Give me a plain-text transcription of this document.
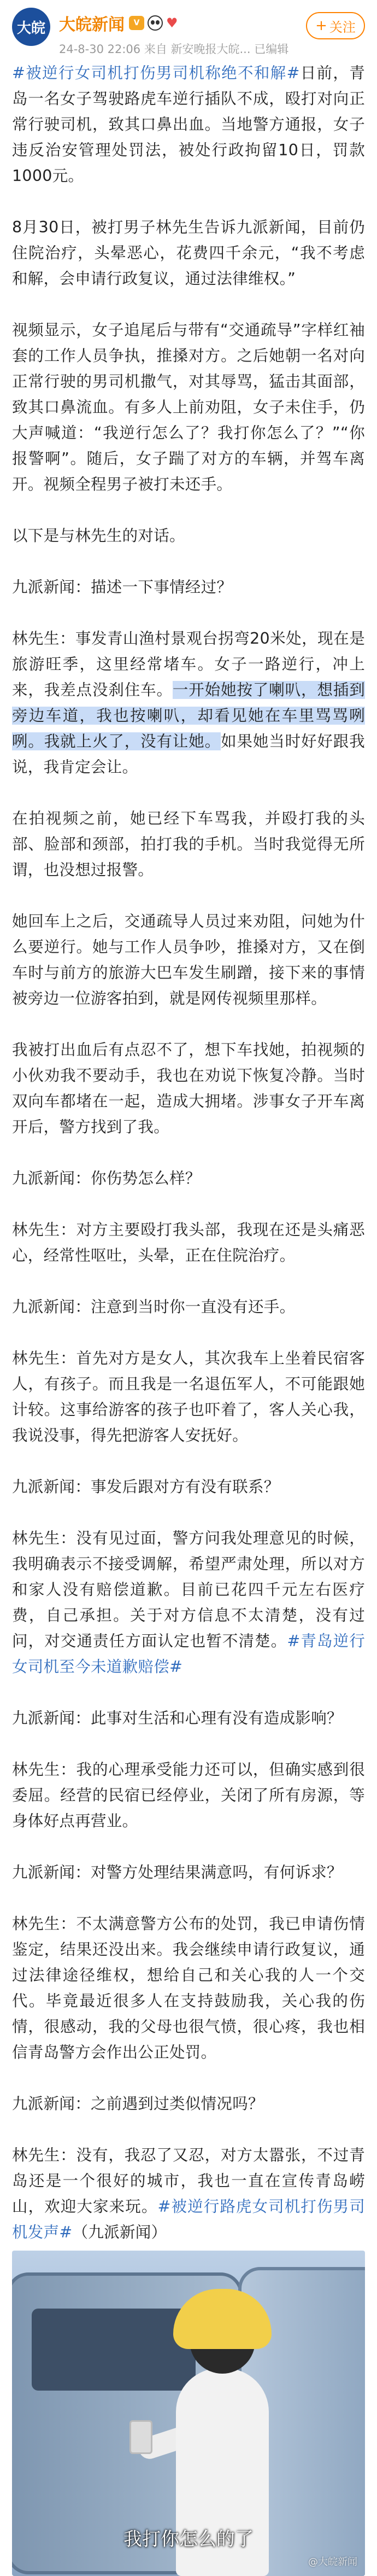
大皖 大皖新闻	V	♥
24-8-30 22:06 来自 新安晚报大皖... 已编辑
+ 关注

#被逆行女司机打伤男司机称绝不和解#日前，青岛一名女子驾驶路虎车逆行插队不成，殴打对向正常行驶司机，致其口鼻出血。当地警方通报，女子违反治安管理处罚法，被处行政拘留10日，罚款1000元。

8月30日，被打男子林先生告诉九派新闻，目前仍住院治疗，头晕恶心，花费四千余元，“我不考虑和解，会申请行政复议，通过法律维权。”

视频显示，女子追尾后与带有“交通疏导”字样红袖套的工作人员争执，推搡对方。之后她朝一名对向正常行驶的男司机撒气，对其辱骂，猛击其面部，致其口鼻流血。有多人上前劝阻，女子未住手，仍大声喊道：“我逆行怎么了？我打你怎么了？”“你报警啊”。随后，女子踹了对方的车辆，并驾车离开。视频全程男子被打未还手。

以下是与林先生的对话。

九派新闻：描述一下事情经过？

林先生：事发青山渔村景观台拐弯20米处，现在是旅游旺季，这里经常堵车。女子一路逆行，冲上来，我差点没刹住车。一开始她按了喇叭，想插到旁边车道，我也按喇叭，却看见她在车里骂骂咧咧。我就上火了，没有让她。如果她当时好好跟我说，我肯定会让。

在拍视频之前，她已经下车骂我，并殴打我的头部、脸部和颈部，拍打我的手机。当时我觉得无所谓，也没想过报警。

她回车上之后，交通疏导人员过来劝阻，问她为什么要逆行。她与工作人员争吵，推搡对方，又在倒车时与前方的旅游大巴车发生刷蹭，接下来的事情被旁边一位游客拍到，就是网传视频里那样。

我被打出血后有点忍不了，想下车找她，拍视频的小伙劝我不要动手，我也在劝说下恢复冷静。当时双向车都堵在一起，造成大拥堵。涉事女子开车离开后，警方找到了我。

九派新闻：你伤势怎么样？

林先生：对方主要殴打我头部，我现在还是头痛恶心，经常性呕吐，头晕，正在住院治疗。

九派新闻：注意到当时你一直没有还手。

林先生：首先对方是女人，其次我车上坐着民宿客人，有孩子。而且我是一名退伍军人，不可能跟她计较。这事给游客的孩子也吓着了，客人关心我，我说没事，得先把游客人安抚好。

九派新闻：事发后跟对方有没有联系？

林先生：没有见过面，警方问我处理意见的时候，我明确表示不接受调解，希望严肃处理，所以对方和家人没有赔偿道歉。目前已花四千元左右医疗费，自己承担。关于对方信息不太清楚，没有过问，对交通责任方面认定也暂不清楚。#青岛逆行女司机至今未道歉赔偿#

九派新闻：此事对生活和心理有没有造成影响？

林先生：我的心理承受能力还可以，但确实感到很委屈。经营的民宿已经停业，关闭了所有房源，等身体好点再营业。

九派新闻：对警方处理结果满意吗，有何诉求？

林先生：不太满意警方公布的处罚，我已申请伤情鉴定，结果还没出来。我会继续申请行政复议，通过法律途径维权，想给自己和关心我的人一个交代。毕竟最近很多人在支持鼓励我，关心我的伤情，很感动，我的父母也很气愤，很心疼，我也相信青岛警方会作出公正处罚。

九派新闻：之前遇到过类似情况吗？

林先生：没有，我忍了又忍，对方太嚣张，不过青岛还是一个很好的城市，我也一直在宣传青岛崂山，欢迎大家来玩。#被逆行路虎女司机打伤男司机发声#（九派新闻）

我打你怎么的了
@大皖新闻
